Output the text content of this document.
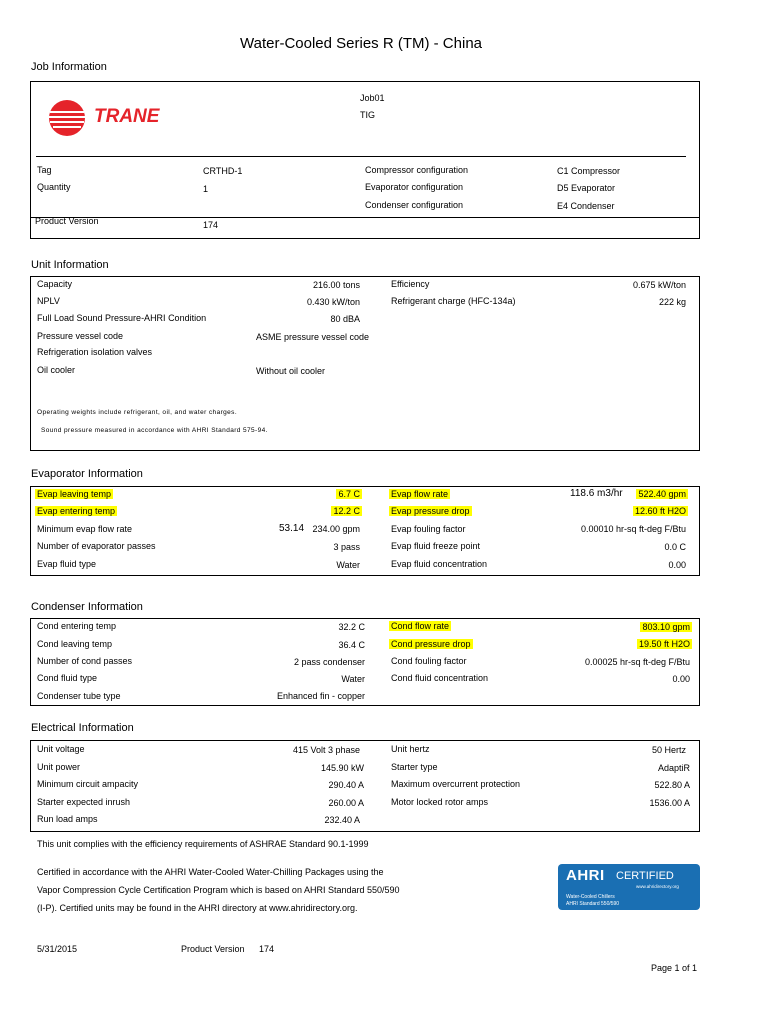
Water-Cooled Series R (TM) - China
Job Information
TRANE
Job01
TIG
Tag	CRTHD-1
Quantity	1
Compressor configuration	C1 Compressor
Evaporator configuration	D5 Evaporator
Condenser configuration	E4 Condenser
Product Version	174
Unit Information
Capacity	216.00 tons
NPLV	0.430 kW/ton
Full Load Sound Pressure-AHRI Condition	80 dBA
Pressure vessel code	ASME pressure vessel code
Refrigeration isolation valves
Oil cooler	Without oil cooler
Efficiency	0.675 kW/ton
Refrigerant charge (HFC-134a)	222 kg
Operating weights include refrigerant, oil, and water charges.
Sound pressure measured in accordance with AHRI Standard 575-94.
Evaporator Information
Evap leaving temp	6.7 C
Evap entering temp	12.2 C
Minimum evap flow rate	53.14 234.00 gpm
Number of evaporator passes	3 pass
Evap fluid type	Water
Evap flow rate	118.6 m3/hr	522.40 gpm
Evap pressure drop	12.60 ft H2O
Evap fouling factor	0.00010 hr-sq ft-deg F/Btu
Evap fluid freeze point	0.0 C
Evap fluid concentration	0.00
Condenser Information
Cond entering temp	32.2 C
Cond leaving temp	36.4 C
Number of cond passes	2 pass condenser
Cond fluid type	Water
Condenser tube type	Enhanced fin - copper
Cond flow rate	803.10 gpm
Cond pressure drop	19.50 ft H2O
Cond fouling factor	0.00025 hr-sq ft-deg F/Btu
Cond fluid concentration	0.00
Electrical Information
Unit voltage	415 Volt 3 phase
Unit power	145.90 kW
Minimum circuit ampacity	290.40 A
Starter expected inrush	260.00 A
Run load amps	232.40 A
Unit hertz	50 Hertz
Starter type	AdaptiR
Maximum overcurrent protection	522.80 A
Motor locked rotor amps	1536.00 A
This unit complies with the efficiency requirements of ASHRAE Standard 90.1-1999
Certified in accordance with the AHRI Water-Cooled Water-Chilling Packages using the
Vapor Compression Cycle Certification Program which is based on AHRI Standard 550/590
(I-P). Certified units may be found in the AHRI directory at www.ahridirectory.org.
AHRI CERTIFIED
www.ahridirectory.org
Water-Cooled Chillers
AHRI Standard 550/590
5/31/2015	Product Version 174
Page 1 of 1
